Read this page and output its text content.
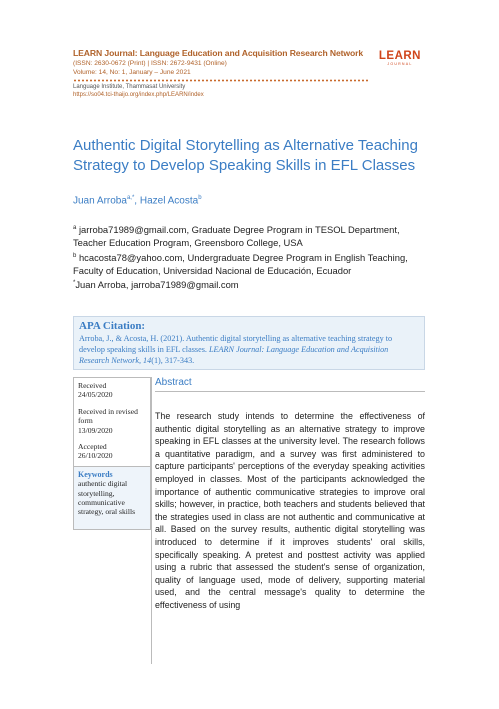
LEARN Journal: Language Education and Acquisition Research Network
(ISSN: 2630-0672 (Print) | ISSN: 2672-9431 (Online)
Volume: 14, No: 1, January – June 2021
Language Institute, Thammasat University
https://so04.tci-thaijo.org/index.php/LEARN/index
LEARN
JOURNAL
Authentic Digital Storytelling as Alternative Teaching Strategy to Develop Speaking Skills in EFL Classes
Juan Arroba$^{a,*}$, Hazel Acosta$^b$

$^a$ jarroba71989@gmail.com, Graduate Degree Program in TESOL Department, Teacher Education Program, Greensboro College, USA

$^b$ hcacosta78@yahoo.com, Undergraduate Degree Program in English Teaching, Faculty of Education, Universidad Nacional de Educación, Ecuador

*Juan Arroba, jarroba71989@gmail.com

APA Citation:
Arroba, J., & Acosta, H. (2021). Authentic digital storytelling as alternative teaching strategy to develop speaking skills in EFL classes. LEARN Journal: Language Education and Acquisition Research Network, 14(1), 317-343.

Received
24/05/2020

Received in revised form
13/09/2020

Accepted
26/10/2020

Keywords
authentic digital storytelling, communicative strategy, oral skills
Abstract
The research study intends to determine the effectiveness of authentic digital storytelling as an alternative strategy to improve speaking in EFL classes at the university level. The research follows a quantitative paradigm, and a survey was first administered to capture participants' perceptions of the everyday speaking activities employed in classes. Most of the participants acknowledged the importance of authentic communicative strategies to improve oral skills; however, in practice, both teachers and students believed that the strategies used in class are not authentic and communicative at all. Based on the survey results, authentic digital storytelling was introduced to determine if it improves students' oral skills, specifically speaking. A pretest and posttest activity was applied using a rubric that assessed the student's sense of organization, quality of language used, mode of delivery, supporting material used, and the central message's quality to determine the effectiveness of using
